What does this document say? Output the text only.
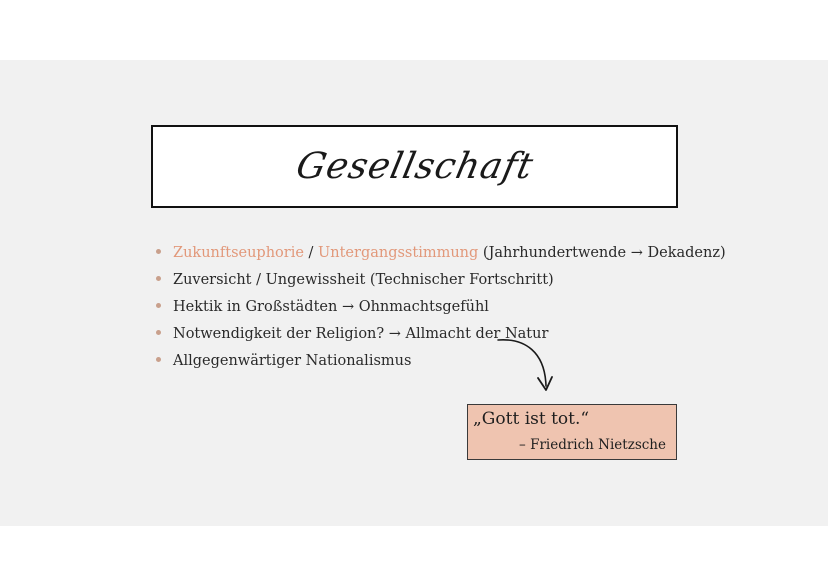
Gesellschaft
Zukunftseuphorie / Untergangsstimmung (Jahrhundertwende → Dekadenz)
Zuversicht / Ungewissheit (Technischer Fortschritt)
Hektik in Großstädten → Ohnmachtsgefühl
Notwendigkeit der Religion? → Allmacht der Natur
Allgegenwärtiger Nationalismus
„Gott ist tot.“
– Friedrich Nietzsche
